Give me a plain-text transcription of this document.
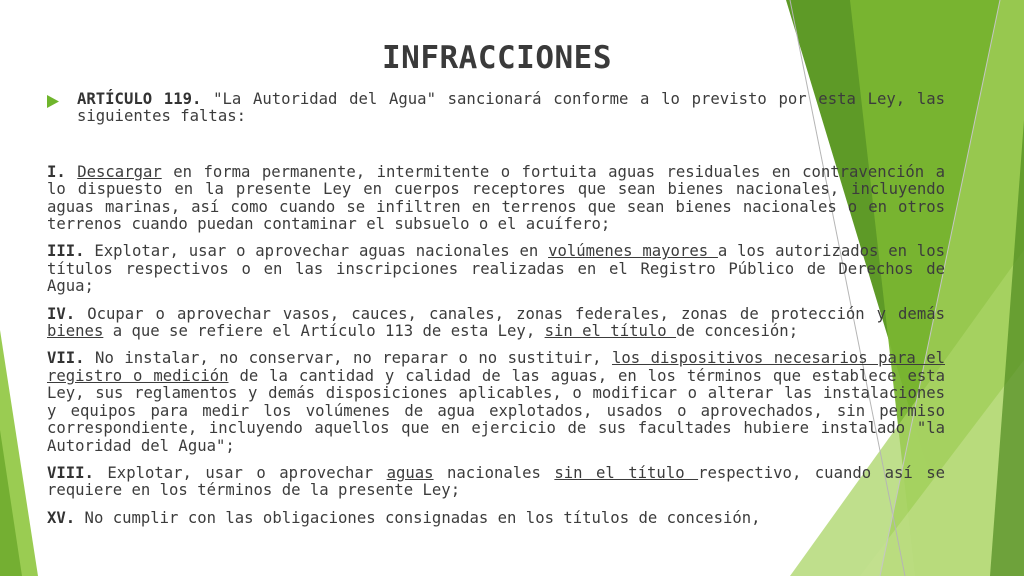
INFRACCIONES

ARTÍCULO 119. "La Autoridad del Agua" sancionará conforme a lo previsto por esta Ley, las siguientes faltas:

I. Descargar en forma permanente, intermitente o fortuita aguas residuales en contravención a lo dispuesto en la presente Ley en cuerpos receptores que sean bienes nacionales, incluyendo aguas marinas, así como cuando se infiltren en terrenos que sean bienes nacionales o en otros terrenos cuando puedan contaminar el subsuelo o el acuífero;

III. Explotar, usar o aprovechar aguas nacionales en volúmenes mayores a los autorizados en los títulos respectivos o en las inscripciones realizadas en el Registro Público de Derechos de Agua;

IV. Ocupar o aprovechar vasos, cauces, canales, zonas federales, zonas de protección y demás bienes a que se refiere el Artículo 113 de esta Ley, sin el título de concesión;

VII. No instalar, no conservar, no reparar o no sustituir, los dispositivos necesarios para el registro o medición de la cantidad y calidad de las aguas, en los términos que establece esta Ley, sus reglamentos y demás disposiciones aplicables, o modificar o alterar las instalaciones y equipos para medir los volúmenes de agua explotados, usados o aprovechados, sin permiso correspondiente, incluyendo aquellos que en ejercicio de sus facultades hubiere instalado "la Autoridad del Agua";

VIII. Explotar, usar o aprovechar aguas nacionales sin el título respectivo, cuando así se requiere en los términos de la presente Ley;

XV. No cumplir con las obligaciones consignadas en los títulos de concesión,
